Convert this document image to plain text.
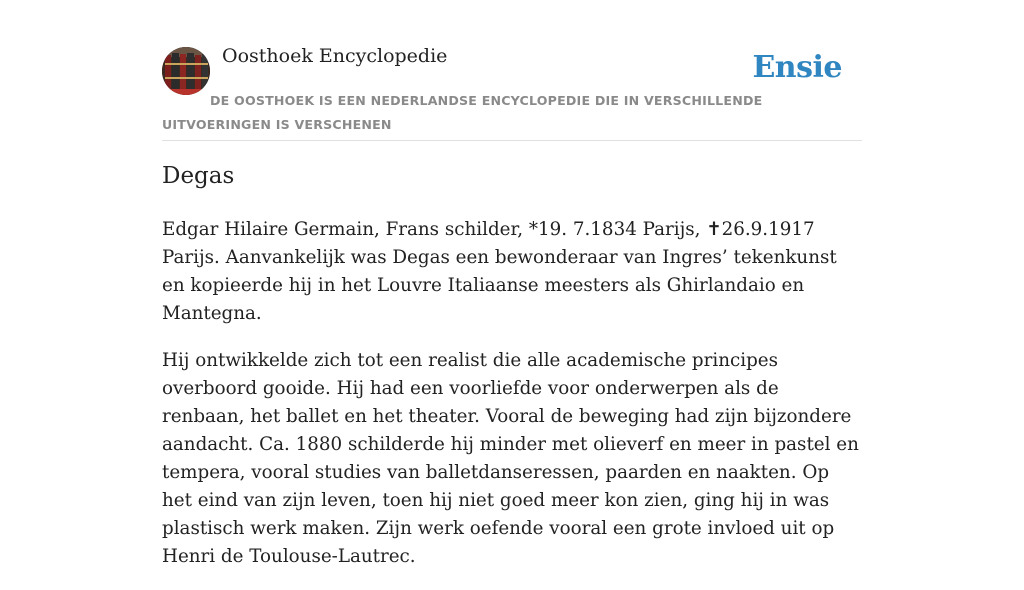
Oosthoek Encyclopedie	Ensie
DE OOSTHOEK IS EEN NEDERLANDSE ENCYCLOPEDIE DIE IN VERSCHILLENDE UITVOERINGEN IS VERSCHENEN
Degas

Edgar Hilaire Germain, Frans schilder, *19. 7.1834 Parijs, ✝26.9.1917 Parijs. Aanvankelijk was Degas een bewonderaar van Ingres’ tekenkunst en kopieerde hij in het Louvre Italiaanse meesters als Ghirlandaio en Mantegna.

Hij ontwikkelde zich tot een realist die alle academische principes overboord gooide. Hij had een voorliefde voor onderwerpen als de renbaan, het ballet en het theater. Vooral de beweging had zijn bijzondere aandacht. Ca. 1880 schilderde hij minder met olieverf en meer in pastel en tempera, vooral studies van balletdanseressen, paarden en naakten. Op het eind van zijn leven, toen hij niet goed meer kon zien, ging hij in was plastisch werk maken. Zijn werk oefende vooral een grote invloed uit op Henri de Toulouse-Lautrec.
